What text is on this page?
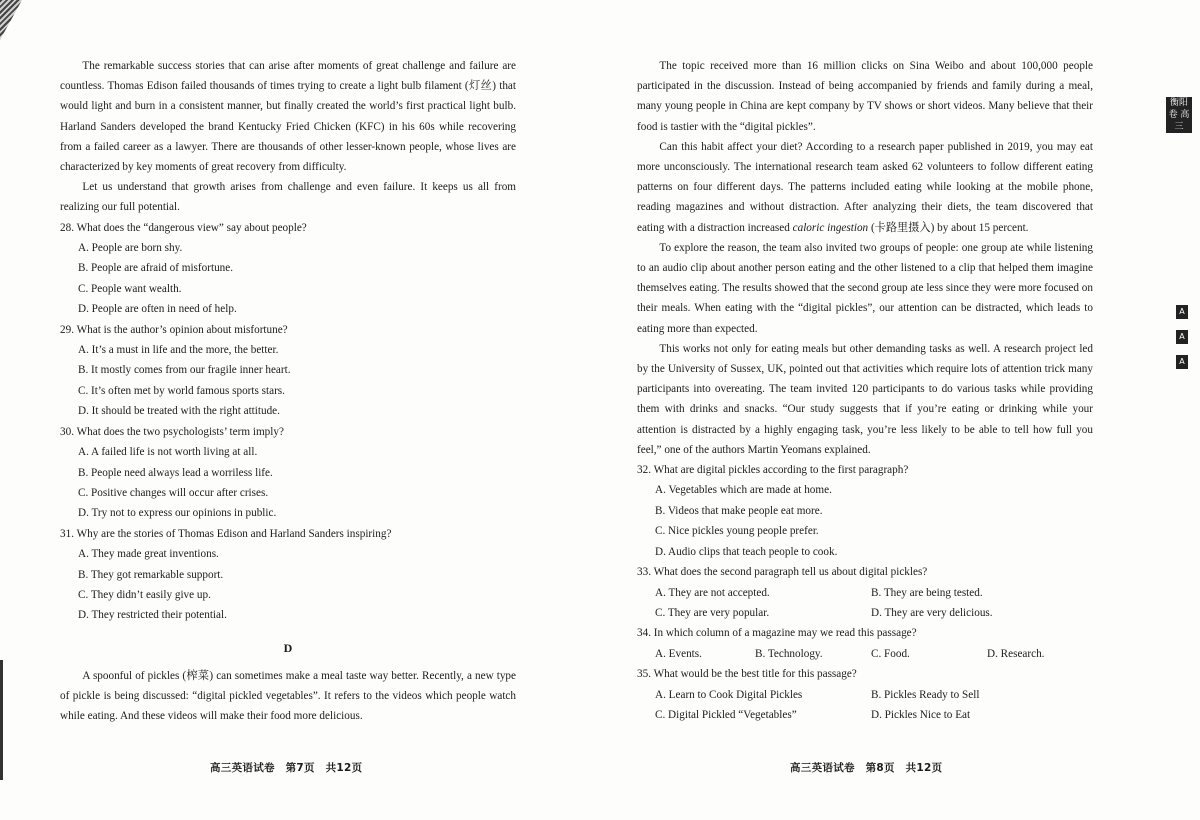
The remarkable success stories that can arise after moments of great challenge and failure are countless. Thomas Edison failed thousands of times trying to create a light bulb filament (灯丝) that would light and burn in a consistent manner, but finally created the world’s first practical light bulb. Harland Sanders developed the brand Kentucky Fried Chicken (KFC) in his 60s while recovering from a failed career as a lawyer. There are thousands of other lesser-known people, whose lives are characterized by key moments of great recovery from difficulty.

Let us understand that growth arises from challenge and even failure. It keeps us all from realizing our full potential.

28. What does the “dangerous view” say about people?

A. People are born shy.

B. People are afraid of misfortune.

C. People want wealth.

D. People are often in need of help.

29. What is the author’s opinion about misfortune?

A. It’s a must in life and the more, the better.

B. It mostly comes from our fragile inner heart.

C. It’s often met by world famous sports stars.

D. It should be treated with the right attitude.

30. What does the two psychologists’ term imply?

A. A failed life is not worth living at all.

B. People need always lead a worriless life.

C. Positive changes will occur after crises.

D. Try not to express our opinions in public.

31. Why are the stories of Thomas Edison and Harland Sanders inspiring?

A. They made great inventions.

B. They got remarkable support.

C. They didn’t easily give up.

D. They restricted their potential.

D

A spoonful of pickles (榨菜) can sometimes make a meal taste way better. Recently, a new type of pickle is being discussed: “digital pickled vegetables”. It refers to the videos which people watch while eating. And these videos will make their food more delicious.

高三英语试卷　第7页　共12页

The topic received more than 16 million clicks on Sina Weibo and about 100,000 people participated in the discussion. Instead of being accompanied by friends and family during a meal, many young people in China are kept company by TV shows or short videos. Many believe that their food is tastier with the “digital pickles”.

Can this habit affect your diet? According to a research paper published in 2019, you may eat more unconsciously. The international research team asked 62 volunteers to follow different eating patterns on four different days. The patterns included eating while looking at the mobile phone, reading magazines and without distraction. After analyzing their diets, the team discovered that eating with a distraction increased caloric ingestion (卡路里摄入) by about 15 percent.

To explore the reason, the team also invited two groups of people: one group ate while listening to an audio clip about another person eating and the other listened to a clip that helped them imagine themselves eating. The results showed that the second group ate less since they were more focused on their meals. When eating with the “digital pickles”, our attention can be distracted, which leads to eating more than expected.

This works not only for eating meals but other demanding tasks as well. A research project led by the University of Sussex, UK, pointed out that activities which require lots of attention trick many participants into overeating. The team invited 120 participants to do various tasks while providing them with drinks and snacks. “Our study suggests that if you’re eating or drinking while your attention is distracted by a highly engaging task, you’re less likely to be able to tell how full you feel,” one of the authors Martin Yeomans explained.

32. What are digital pickles according to the first paragraph?

A. Vegetables which are made at home.

B. Videos that make people eat more.

C. Nice pickles young people prefer.

D. Audio clips that teach people to cook.

33. What does the second paragraph tell us about digital pickles?

A. They are not accepted.	B. They are being tested.
C. They are very popular.	D. They are very delicious.

34. In which column of a magazine may we read this passage?

A. Events.	B. Technology.	C. Food.	D. Research.

35. What would be the best title for this passage?

A. Learn to Cook Digital Pickles	B. Pickles Ready to Sell
C. Digital Pickled “Vegetables”	D. Pickles Nice to Eat
高三英语试卷　第8页　共12页
衡阳卷 高三
A
A
A
